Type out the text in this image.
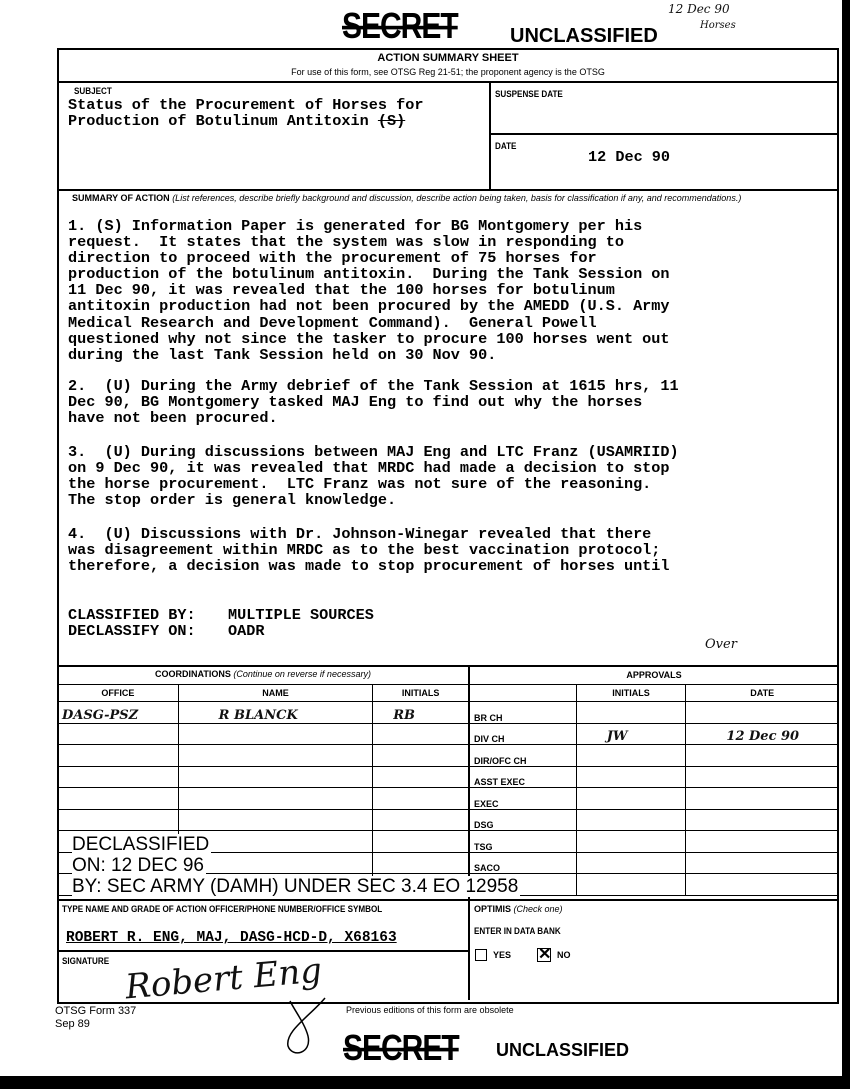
12 Dec 90
Horses
SECRET	UNCLASSIFIED
ACTION SUMMARY SHEET
For use of this form, see OTSG Reg 21-51; the proponent agency is the OTSG
SUBJECT
Status of the Procurement of Horses for
Production of Botulinum Antitoxin (S)
SUSPENSE DATE
DATE
12 Dec 90
SUMMARY OF ACTION (List references, describe briefly background and discussion, describe action being taken, basis for classification if any, and recommendations.)
1. (S) Information Paper is generated for BG Montgomery per his
request.  It states that the system was slow in responding to
direction to proceed with the procurement of 75 horses for
production of the botulinum antitoxin.  During the Tank Session on
11 Dec 90, it was revealed that the 100 horses for botulinum
antitoxin production had not been procured by the AMEDD (U.S. Army
Medical Research and Development Command).  General Powell
questioned why not since the tasker to procure 100 horses went out
during the last Tank Session held on 30 Nov 90.
2.  (U) During the Army debrief of the Tank Session at 1615 hrs, 11
Dec 90, BG Montgomery tasked MAJ Eng to find out why the horses
have not been procured.
3.  (U) During discussions between MAJ Eng and LTC Franz (USAMRIID)
on 9 Dec 90, it was revealed that MRDC had made a decision to stop
the horse procurement.  LTC Franz was not sure of the reasoning.
The stop order is general knowledge.
4.  (U) Discussions with Dr. Johnson-Winegar revealed that there
was disagreement within MRDC as to the best vaccination protocol;
therefore, a decision was made to stop procurement of horses until
CLASSIFIED BY: MULTIPLE SOURCES
DECLASSIFY ON: OADR
Over
COORDINATIONS (Continue on reverse if necessary)	APPROVALS
OFFICE	NAME	INITIALS
DASG-PSZ	R BLANCK	RB

	INITIALS	DATE
BR CH		
DIV CH	JW	12 Dec 90
DIR/OFC CH		
ASST EXEC		
EXEC		
DSG		
TSG		
SACO		

DECLASSIFIED
ON: 12 DEC 96
BY: SEC ARMY (DAMH) UNDER SEC 3.4 EO 12958
TYPE NAME AND GRADE OF ACTION OFFICER/PHONE NUMBER/OFFICE SYMBOL
ROBERT R. ENG, MAJ, DASG-HCD-D, X68163
SIGNATURE Robert Eng
OPTIMIS (Check one)
ENTER IN DATA BANK
YES ✕ NO
OTSG Form 337
Sep 89
Previous editions of this form are obsolete
SECRET UNCLASSIFIED
